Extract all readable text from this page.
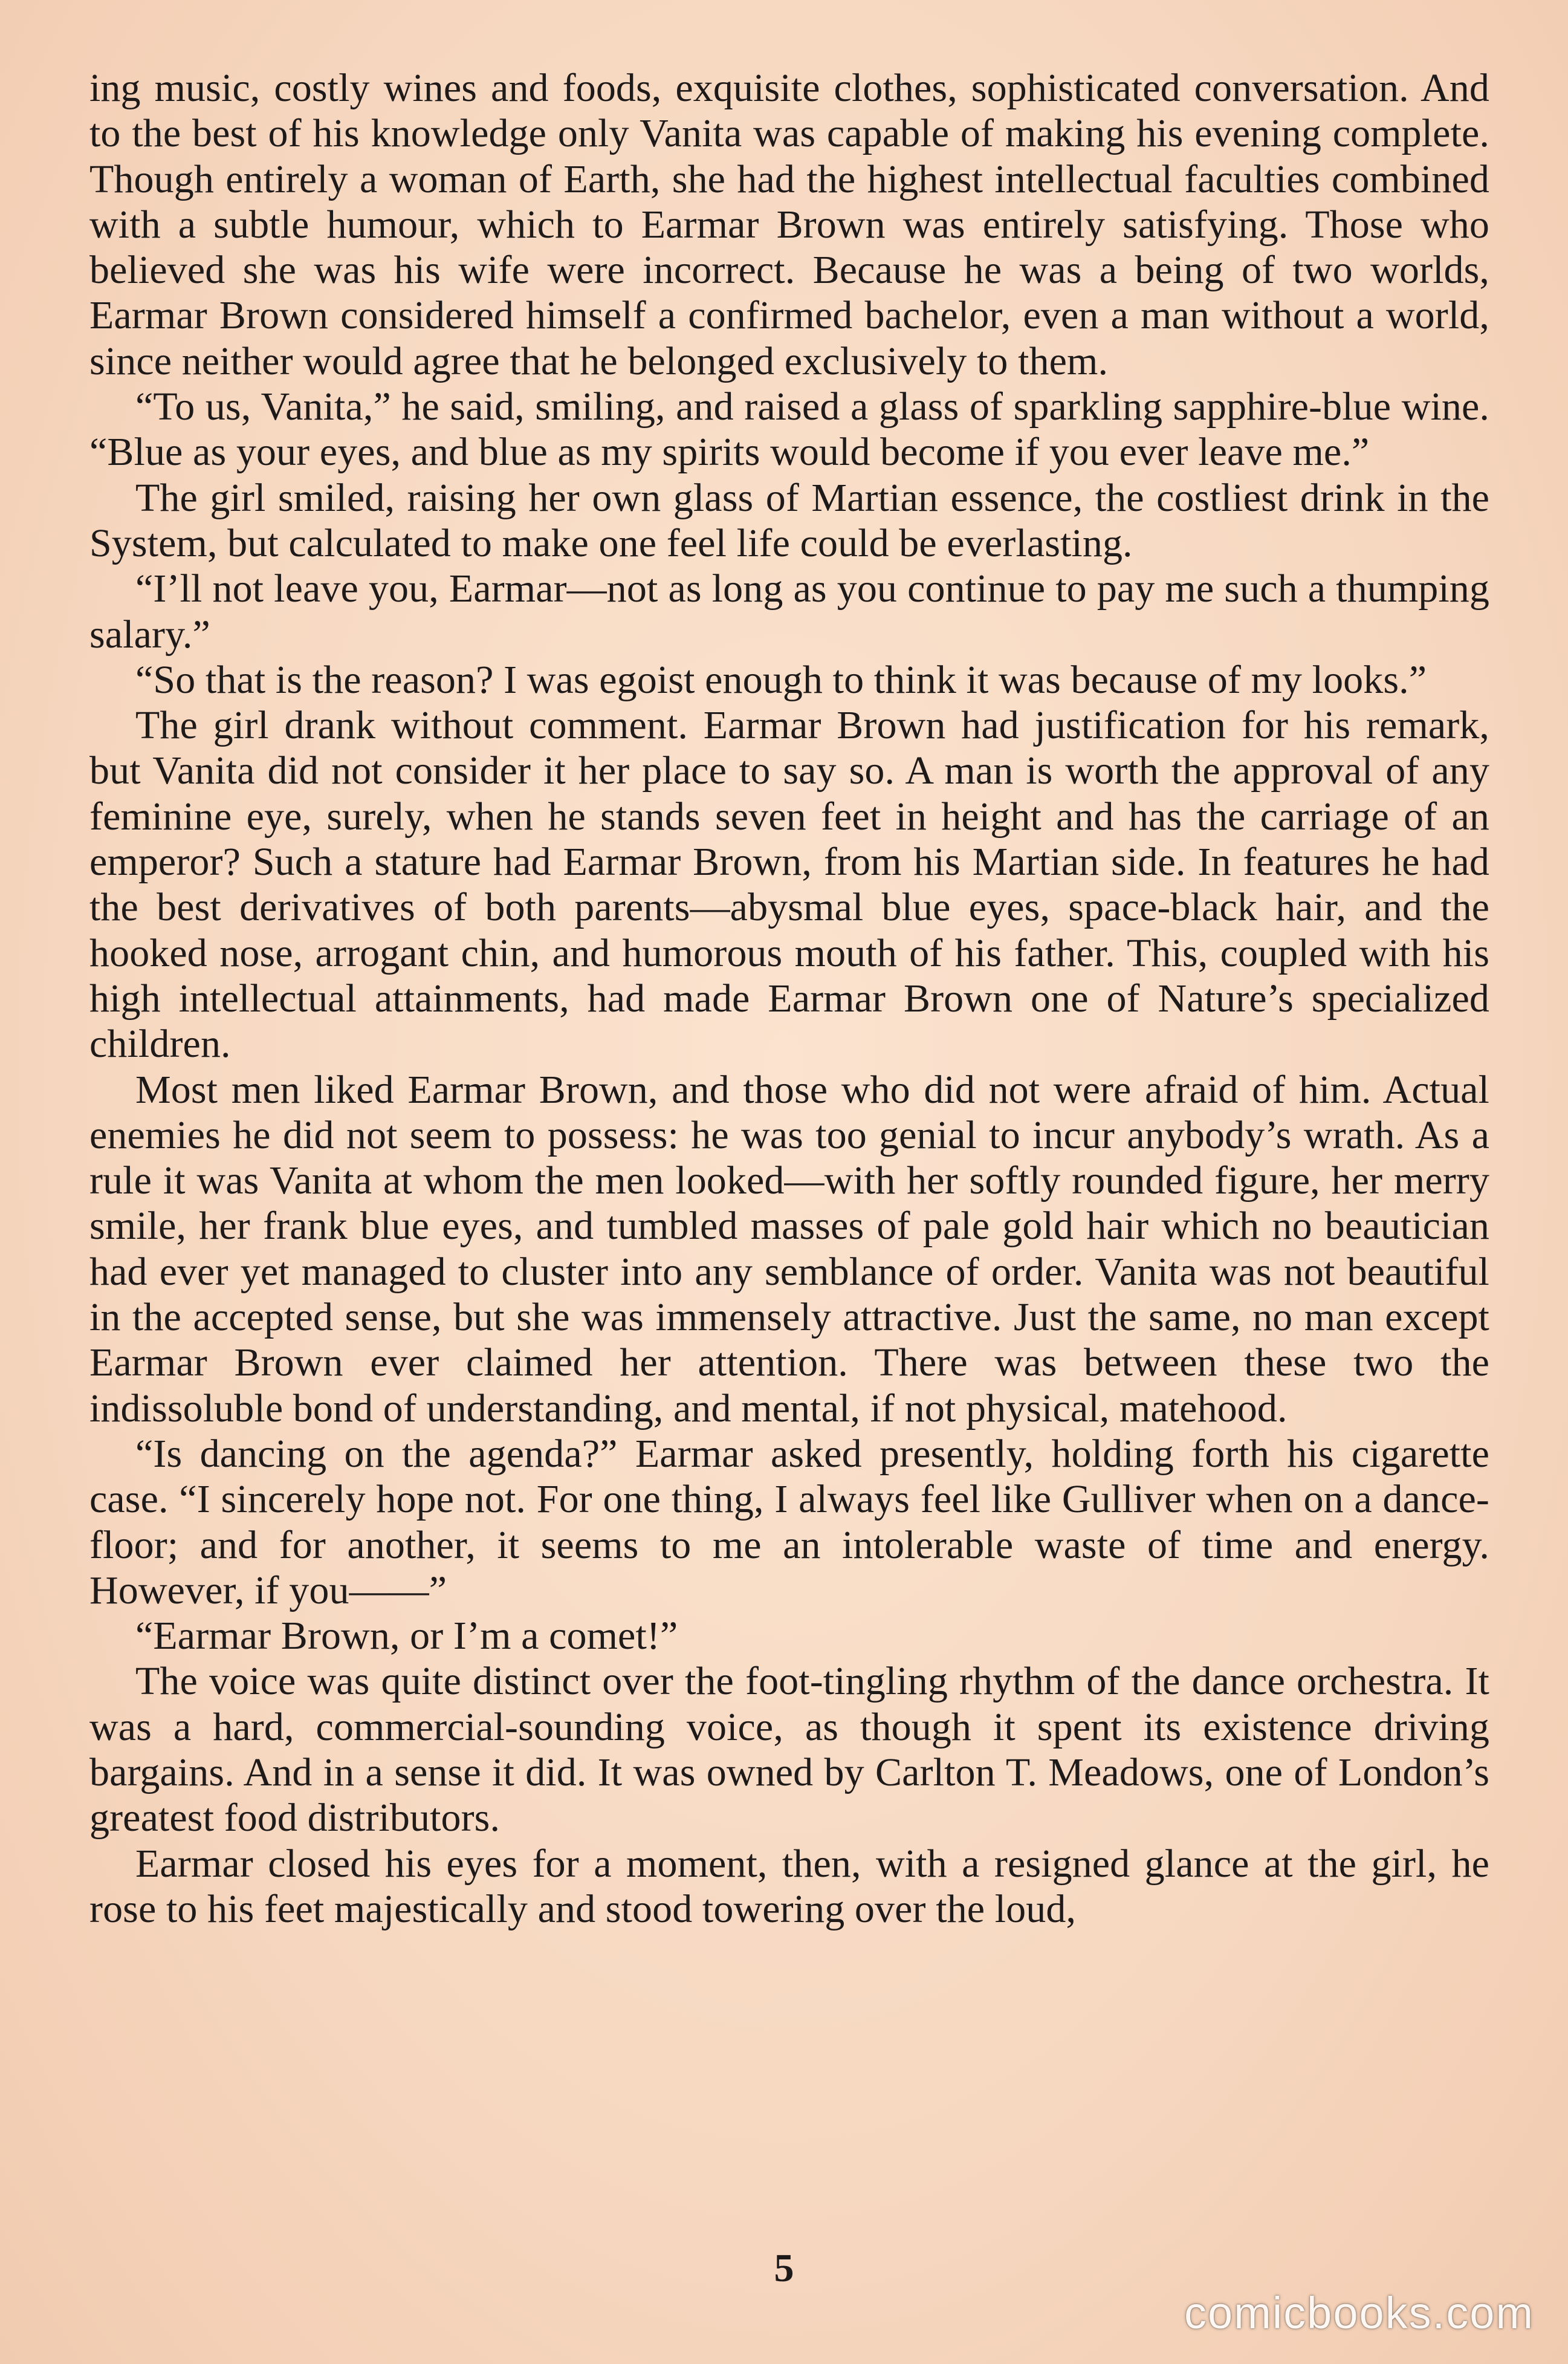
ing music, costly wines and foods, exquisite clothes, sophisticated conversation. And to the best of his knowledge only Vanita was capable of making his evening complete. Though entirely a woman of Earth, she had the highest intellectual faculties combined with a subtle humour, which to Earmar Brown was entirely satisfying. Those who believed she was his wife were incorrect. Because he was a being of two worlds, Earmar Brown considered himself a confirmed bachelor, even a man without a world, since neither would agree that he belonged exclusively to them.

“To us, Vanita,” he said, smiling, and raised a glass of sparkling sapphire-blue wine. “Blue as your eyes, and blue as my spirits would become if you ever leave me.”

The girl smiled, raising her own glass of Martian essence, the costliest drink in the System, but calculated to make one feel life could be everlasting.

“I’ll not leave you, Earmar—not as long as you continue to pay me such a thumping salary.”

“So that is the reason? I was egoist enough to think it was because of my looks.”

The girl drank without comment. Earmar Brown had justification for his remark, but Vanita did not consider it her place to say so. A man is worth the approval of any feminine eye, surely, when he stands seven feet in height and has the carriage of an emperor? Such a stature had Earmar Brown, from his Martian side. In features he had the best derivatives of both parents—abysmal blue eyes, space-black hair, and the hooked nose, arrogant chin, and humorous mouth of his father. This, coupled with his high intellectual attainments, had made Earmar Brown one of Nature’s specialized children.

Most men liked Earmar Brown, and those who did not were afraid of him. Actual enemies he did not seem to possess: he was too genial to incur anybody’s wrath. As a rule it was Vanita at whom the men looked—with her softly rounded figure, her merry smile, her frank blue eyes, and tumbled masses of pale gold hair which no beautician had ever yet managed to cluster into any semblance of order. Vanita was not beautiful in the accepted sense, but she was immensely attractive. Just the same, no man except Earmar Brown ever claimed her attention. There was between these two the indissoluble bond of understanding, and mental, if not physical, matehood.

“Is dancing on the agenda?” Earmar asked presently, holding forth his cigarette case. “I sincerely hope not. For one thing, I always feel like Gulliver when on a dance-floor; and for another, it seems to me an intolerable waste of time and energy. However, if you——”

“Earmar Brown, or I’m a comet!”

The voice was quite distinct over the foot-tingling rhythm of the dance orchestra. It was a hard, commercial-sounding voice, as though it spent its existence driving bargains. And in a sense it did. It was owned by Carlton T. Meadows, one of London’s greatest food distributors.

Earmar closed his eyes for a moment, then, with a resigned glance at the girl, he rose to his feet majestically and stood towering over the loud,

5
comicbooks.com
